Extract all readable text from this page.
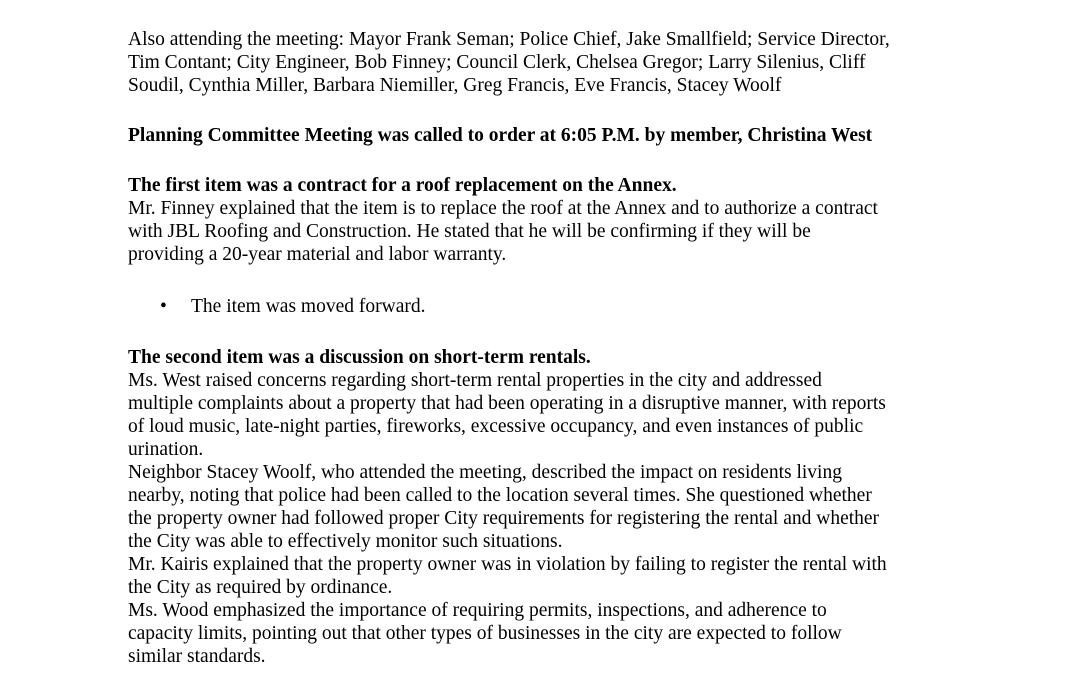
Also attending the meeting: Mayor Frank Seman; Police Chief, Jake Smallfield; Service Director,
Tim Contant; City Engineer, Bob Finney; Council Clerk, Chelsea Gregor; Larry Silenius, Cliff
Soudil, Cynthia Miller, Barbara Niemiller, Greg Francis, Eve Francis, Stacey Woolf
Planning Committee Meeting was called to order at 6:05 P.M. by member, Christina West
The first item was a contract for a roof replacement on the Annex.
Mr. Finney explained that the item is to replace the roof at the Annex and to authorize a contract
with JBL Roofing and Construction. He stated that he will be confirming if they will be
providing a 20-year material and labor warranty.
• The item was moved forward.
The second item was a discussion on short-term rentals.
Ms. West raised concerns regarding short-term rental properties in the city and addressed
multiple complaints about a property that had been operating in a disruptive manner, with reports
of loud music, late-night parties, fireworks, excessive occupancy, and even instances of public
urination.
Neighbor Stacey Woolf, who attended the meeting, described the impact on residents living
nearby, noting that police had been called to the location several times. She questioned whether
the property owner had followed proper City requirements for registering the rental and whether
the City was able to effectively monitor such situations.
Mr. Kairis explained that the property owner was in violation by failing to register the rental with
the City as required by ordinance.
Ms. Wood emphasized the importance of requiring permits, inspections, and adherence to
capacity limits, pointing out that other types of businesses in the city are expected to follow
similar standards.
